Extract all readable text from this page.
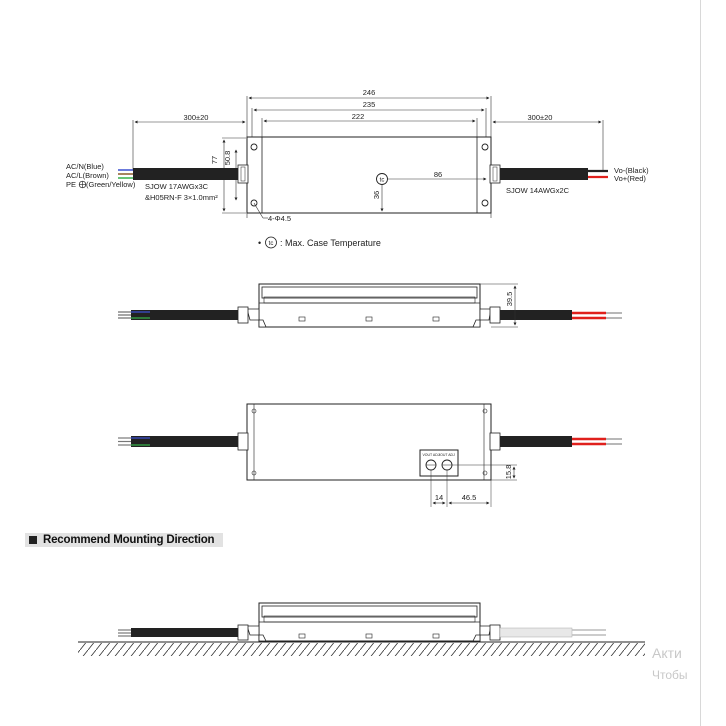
246
235
222
300±20	300±20
77 50.8
tc
86
36
4-Φ4.5
AC/N(Blue)
AC/L(Brown)
PE (Green/Yellow) SJOW 17AWGx3C
&H05RN-F 3×1.0mm²
Vo-(Black)
Vo+(Red)
SJOW 14AWGx2C
• tc : Max. Case Temperature
39.5
VOUT ADJ IOUT ADJ
14 46.5
15.8
Recommend Mounting Direction
Акти
Чтобы
